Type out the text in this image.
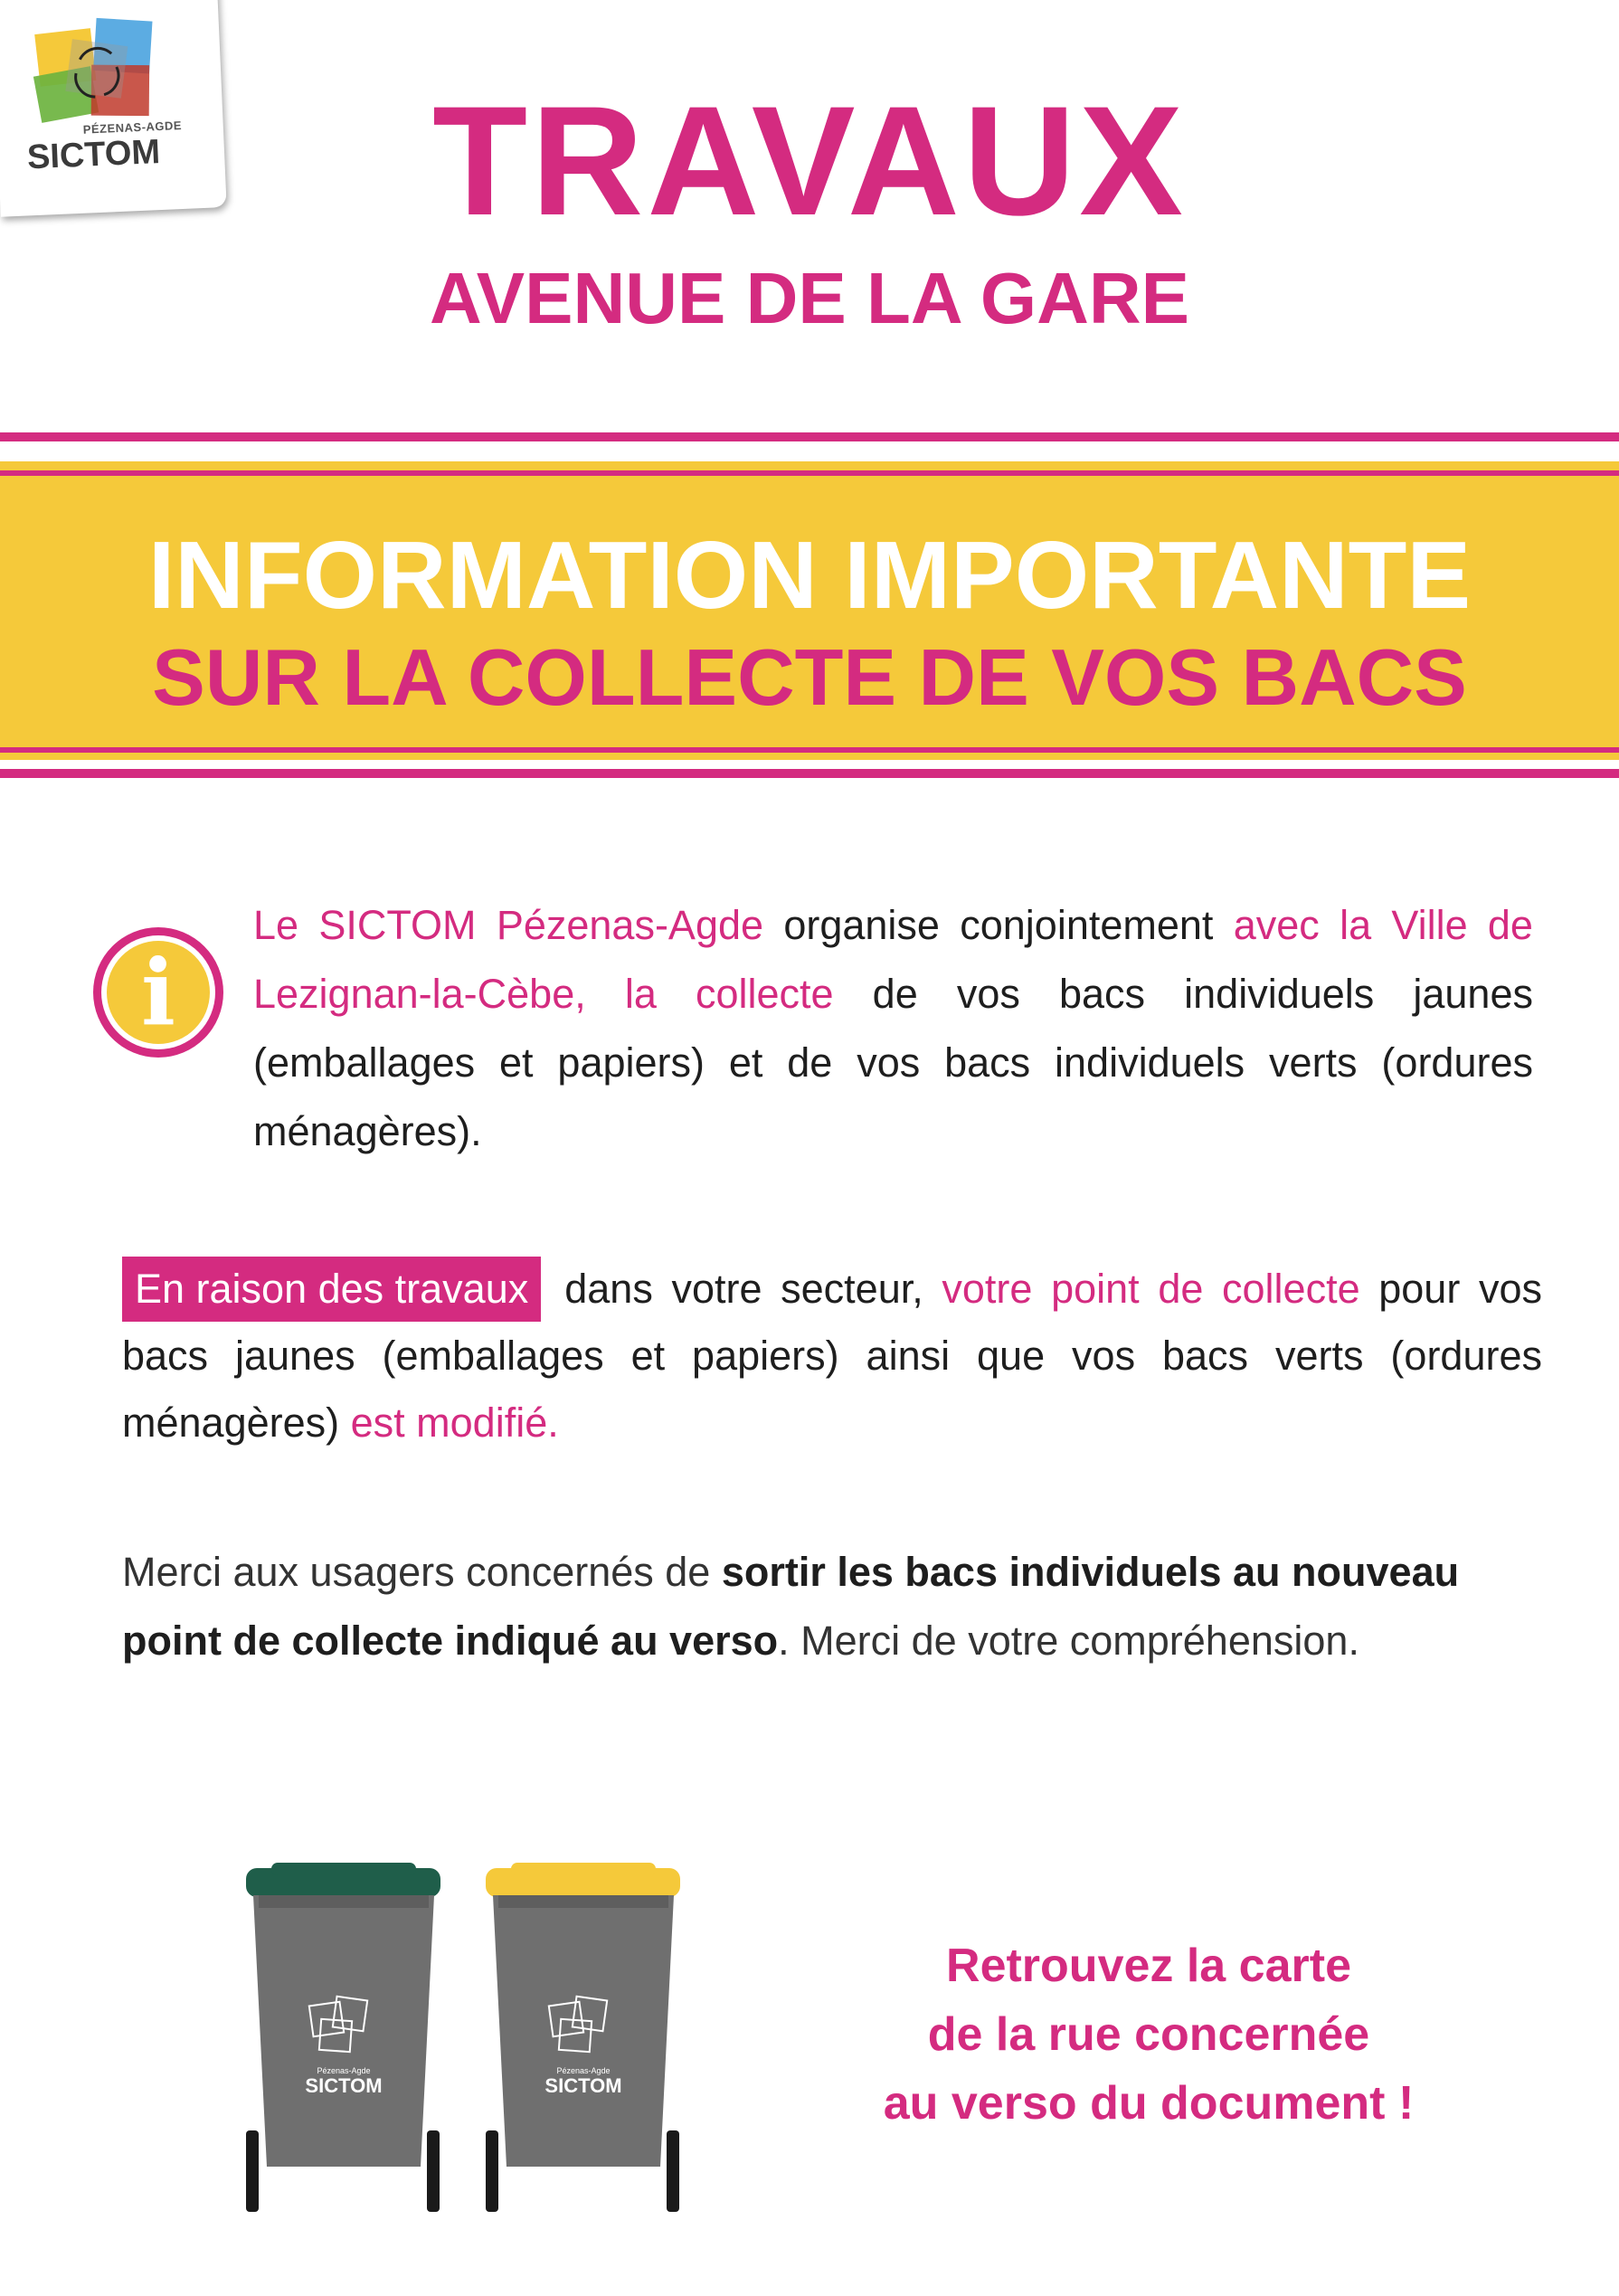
PÉZENAS-AGDE
SICTOM	TRAVAUX
AVENUE DE LA GARE
INFORMATION IMPORTANTE
SUR LA COLLECTE DE VOS BACS
i
Le SICTOM Pézenas-Agde organise conjointement avec la Ville de Lezignan-la-Cèbe, la collecte de vos bacs individuels jaunes (emballages et papiers) et de vos bacs individuels verts (ordures ménagères).
En raison des travaux dans votre secteur, votre point de collecte pour vos bacs jaunes (emballages et papiers) ainsi que vos bacs verts (ordures ménagères) est modifié.
Merci aux usagers concernés de sortir les bacs individuels au nouveau point de collecte indiqué au verso. Merci de votre compréhension.
Pézenas-Agde
SICTOM
Pézenas-Agde
SICTOM
Retrouvez la carte
de la rue concernée
au verso du document !
